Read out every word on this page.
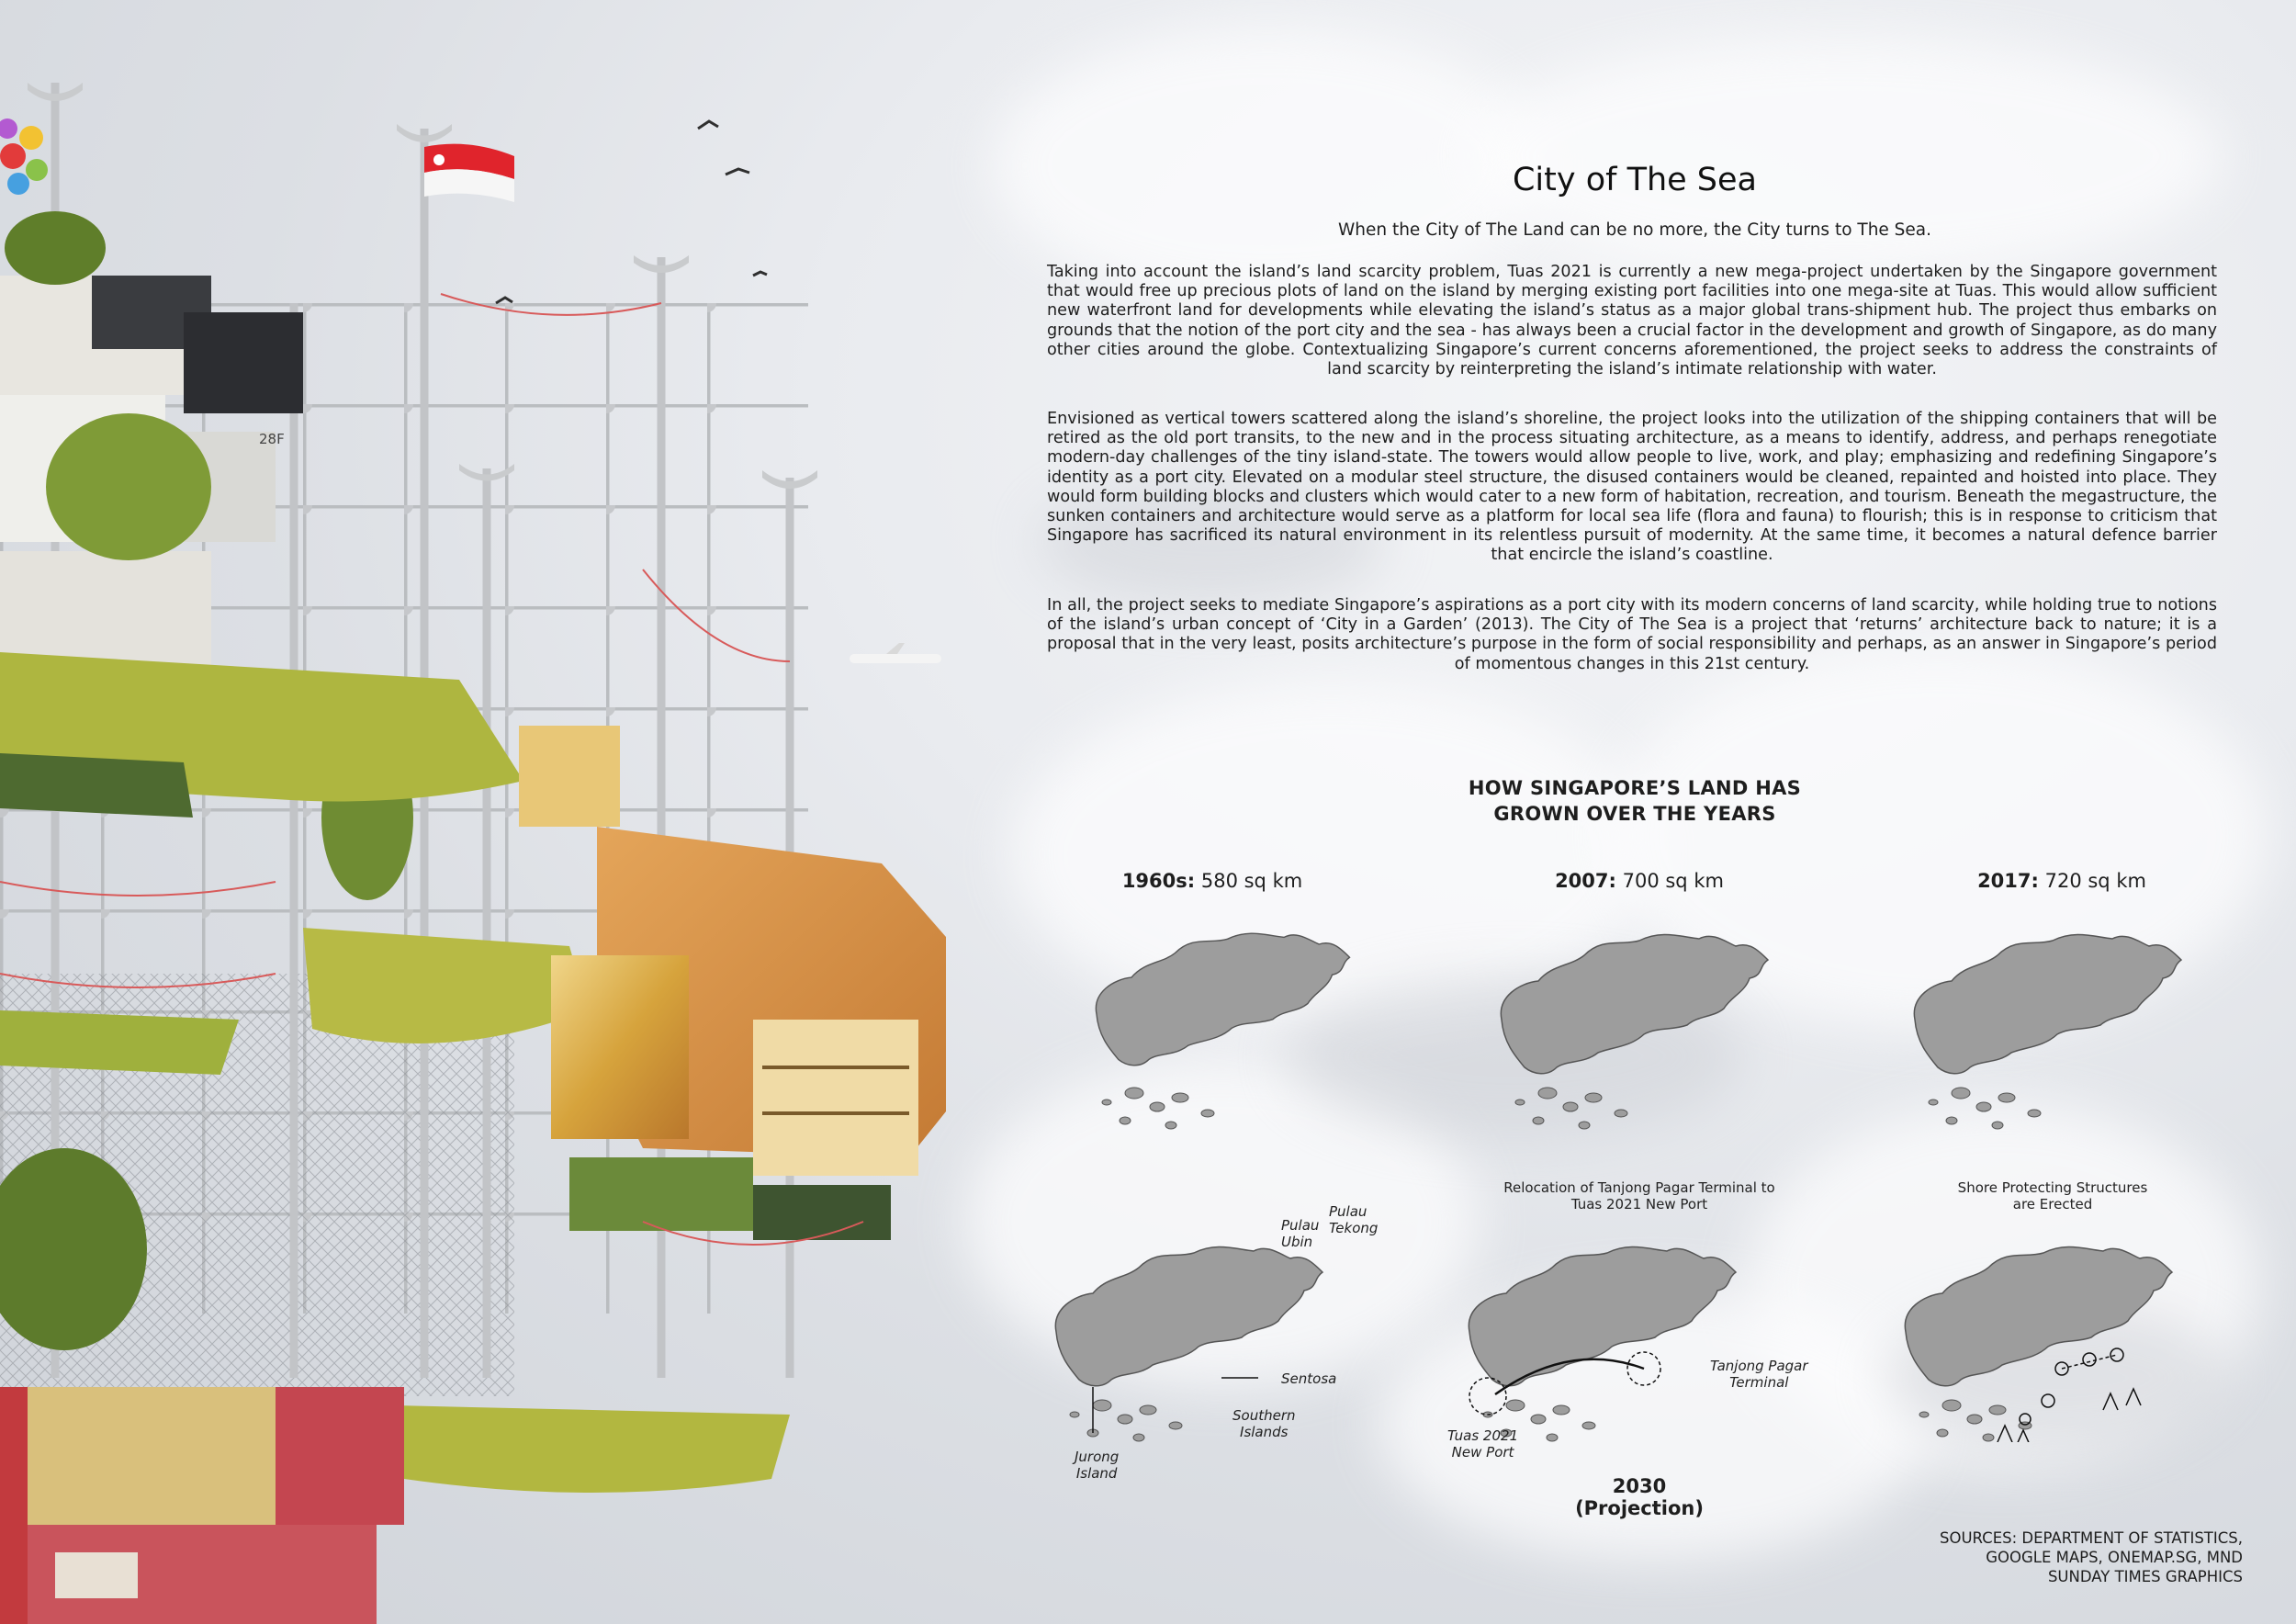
28F
City of The Sea
When the City of The Land can be no more, the City turns to The Sea.

Taking into account the island’s land scarcity problem, Tuas 2021 is currently a new mega-project undertaken by the Singapore government that would free up precious plots of land on the island by merging existing port facilities into one mega-site at Tuas. This would allow sufficient new waterfront land for developments while elevating the island’s status as a major global trans-shipment hub. The project thus embarks on grounds that the notion of the port city and the sea - has always been a crucial factor in the development and growth of Singapore, as do many other cities around the globe. Contextualizing Singapore’s current concerns aforementioned, the project seeks to address the constraints of land scarcity by reinterpreting the island’s intimate relationship with water.

Envisioned as vertical towers scattered along the island’s shoreline, the project looks into the utilization of the shipping containers that will be retired as the old port transits, to the new and in the process situating architecture, as a means to identify, address, and perhaps renegotiate modern-day challenges of the tiny island-state. The towers would allow people to live, work, and play; emphasizing and redefining Singapore’s identity as a port city. Elevated on a modular steel structure, the disused containers would be cleaned, repainted and hoisted into place. They would form building blocks and clusters which would cater to a new form of habitation, recreation, and tourism. Beneath the megastructure, the sunken containers and architecture would serve as a platform for local sea life (flora and fauna) to flourish; this is in response to criticism that Singapore has sacrificed its natural environment in its relentless pursuit of modernity. At the same time, it becomes a natural defence barrier that encircle the island’s coastline.

In all, the project seeks to mediate Singapore’s aspirations as a port city with its modern concerns of land scarcity, while holding true to notions of the island’s urban concept of ‘City in a Garden’ (2013). The City of The Sea is a project that ‘returns’ architecture back to nature; it is a proposal that in the very least, posits architecture’s purpose in the form of social responsibility and perhaps, as an answer in Singapore’s period of momentous changes in this 21st century.

HOW SINGAPORE’S LAND HAS
GROWN OVER THE YEARS
1960s: 580 sq km	2007: 700 sq km	2017: 720 sq km
Pulau
Ubin
Pulau
Tekong
Sentosa
Southern
Islands
Jurong
Island
Tanjong Pagar
Terminal
Tuas 2021
New Port
Relocation of Tanjong Pagar Terminal to
Tuas 2021 New Port
Shore Protecting Structures
are Erected
2030 (Projection)
SOURCES: DEPARTMENT OF STATISTICS,
GOOGLE MAPS, ONEMAP.SG, MND
SUNDAY TIMES GRAPHICS
